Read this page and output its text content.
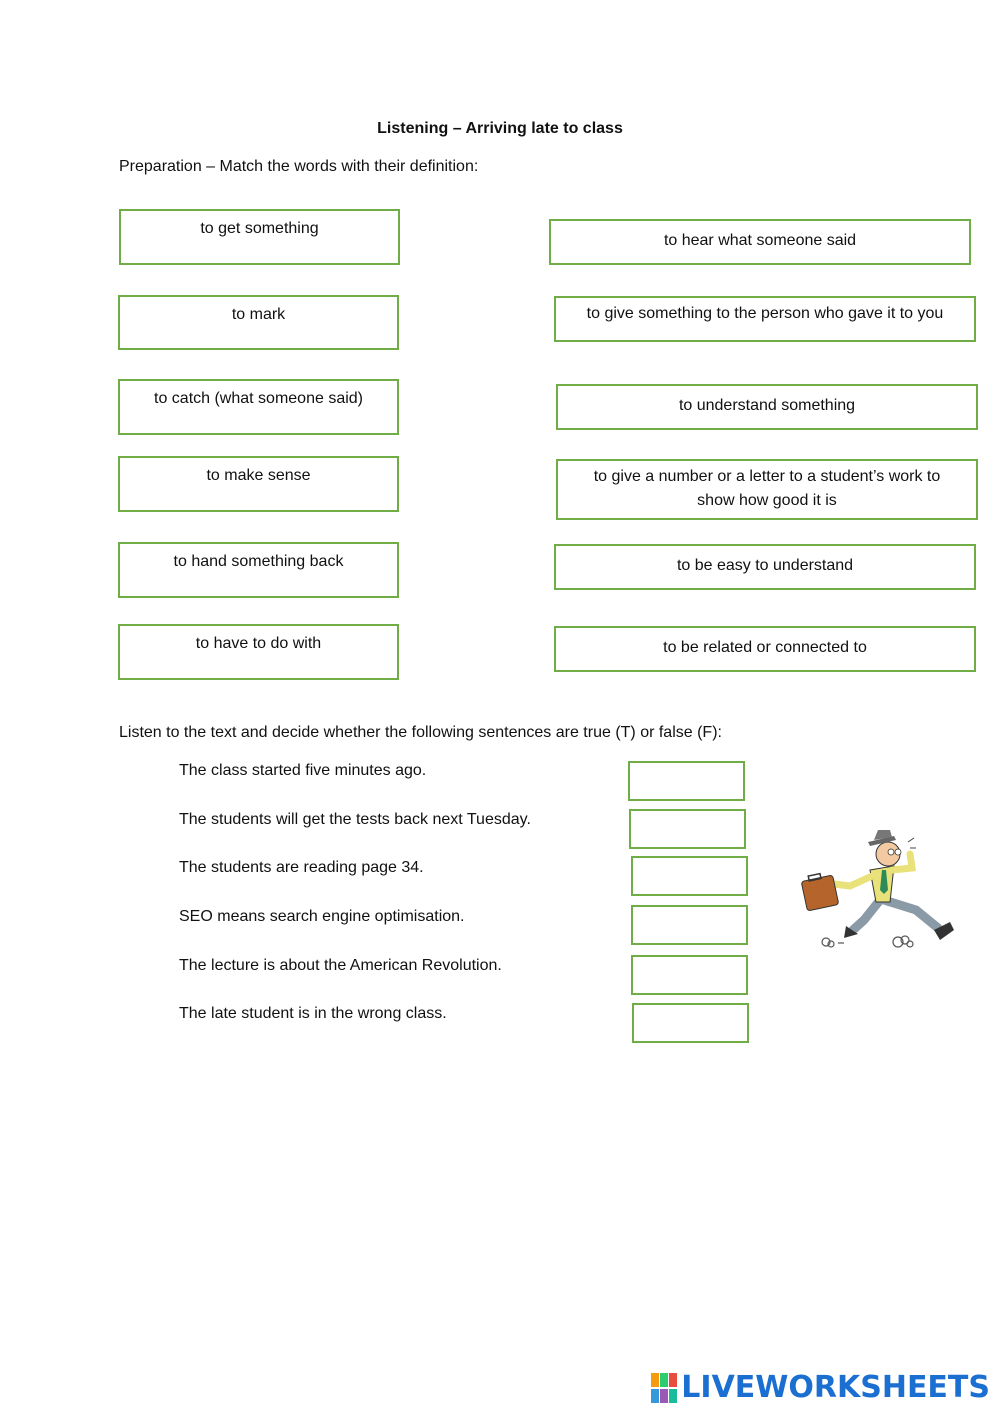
Listening – Arriving late to class
Preparation – Match the words with their definition:
to get something
to mark
to catch (what someone said)
to make sense
to hand something back
to have to do with
to hear what someone said
to give something to the person who gave it to you
to understand something
to give a number or a letter to a student’s work to show how good it is
to be easy to understand
to be related or connected to
Listen to the text and decide whether the following sentences are true (T) or false (F):
The class started five minutes ago.
The students will get the tests back next Tuesday.
The students are reading page 34.
SEO means search engine optimisation.
The lecture is about the American Revolution.
The late student is in the wrong class.
LIVEWORKSHEETS
